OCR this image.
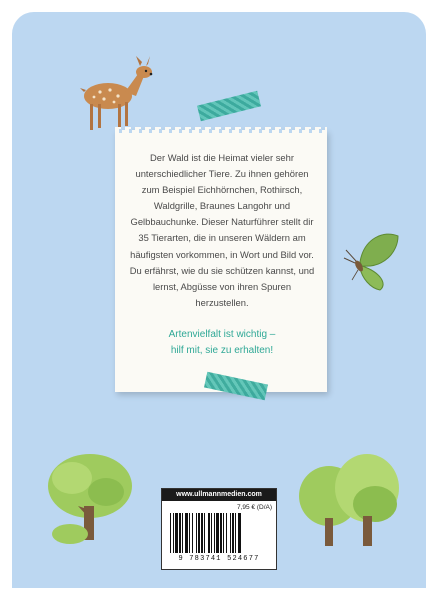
Der Wald ist die Heimat vieler sehr unterschiedlicher Tiere. Zu ihnen gehören zum Beispiel Eichhörnchen, Rothirsch, Waldgrille, Braunes Langohr und Gelbbauchunke. Dieser Naturführer stellt dir 35 Tierarten, die in unseren Wäldern am häufigsten vorkommen, in Wort und Bild vor. Du erfährst, wie du sie schützen kannst, und lernst, Abgüsse von ihren Spuren herzustellen.
Artenvielfalt ist wichtig –
hilf mit, sie zu erhalten!
www.ullmannmedien.com
7,95 € (D/A)
9 783741 524677
